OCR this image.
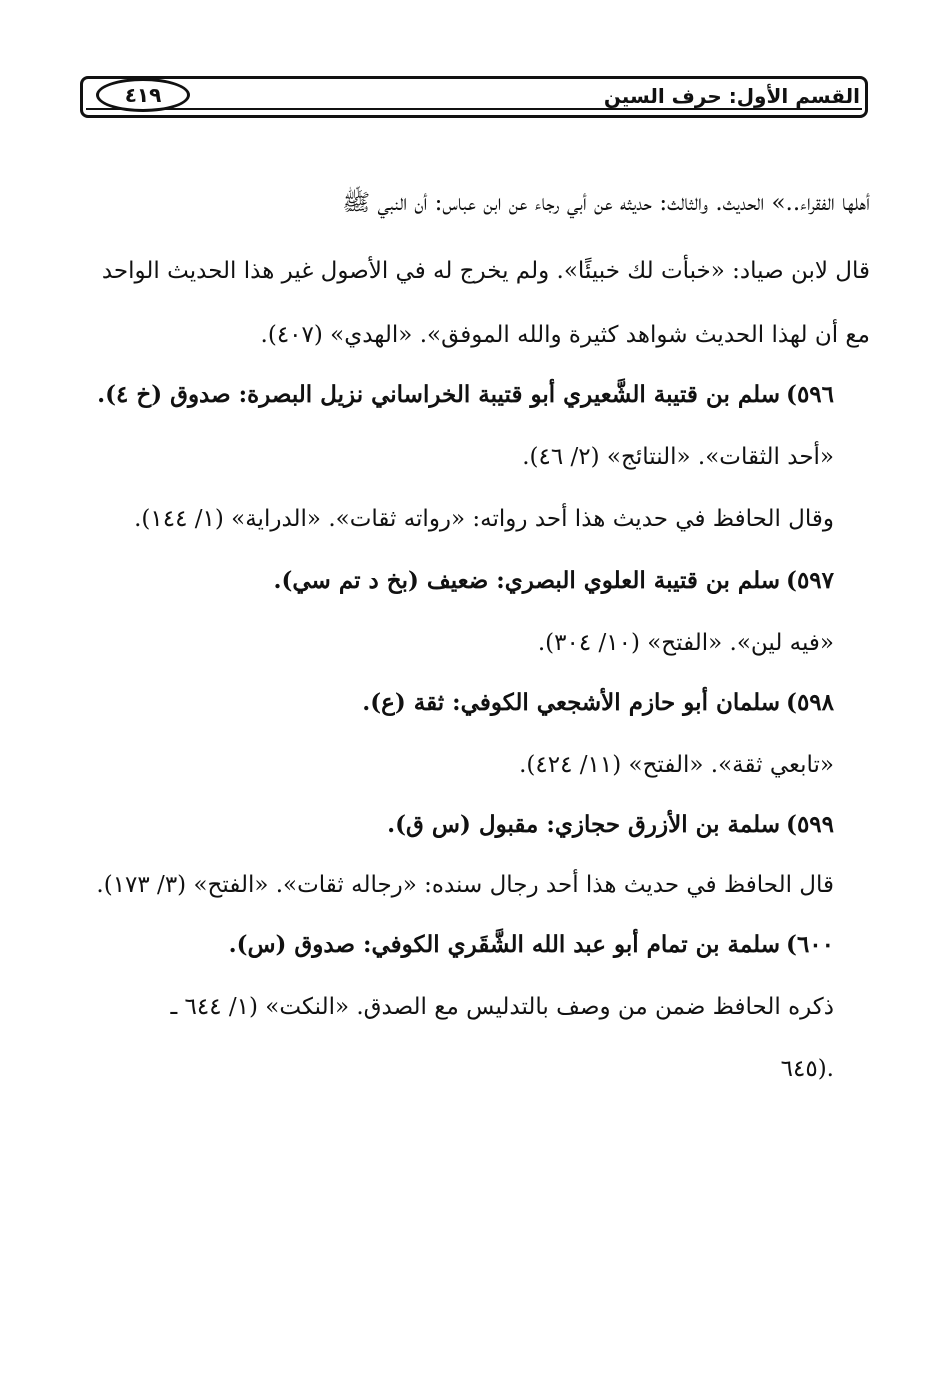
القسم الأول: حرف السين
٤١٩
أهلها الفقراء..» الحديث. والثالث: حديثه عن أبي رجاء عن ابن عباس: أن النبي ﷺ
قال لابن صياد: «خبأت لك خبيئًا». ولم يخرج له في الأصول غير هذا الحديث الواحد
مع أن لهذا الحديث شواهد كثيرة والله الموفق». «الهدي» (٤٠٧).
٥٩٦)سلم بن قتيبة الشَّعيري أبو قتيبة الخراساني نزيل البصرة: صدوق (خ ٤).
«أحد الثقات». «النتائج» (٢/ ٤٦).
وقال الحافظ في حديث هذا أحد رواته: «رواته ثقات». «الدراية» (١/ ١٤٤).
٥٩٧)سلم بن قتيبة العلوي البصري: ضعيف (بخ د تم سي).
«فيه لين». «الفتح» (١٠/ ٣٠٤).
٥٩٨)سلمان أبو حازم الأشجعي الكوفي: ثقة (ع).
«تابعي ثقة». «الفتح» (١١/ ٤٢٤).
٥٩٩)سلمة بن الأزرق حجازي: مقبول (س ق).
قال الحافظ في حديث هذا أحد رجال سنده: «رجاله ثقات». «الفتح» (٣/ ١٧٣).
٦٠٠)سلمة بن تمام أبو عبد الله الشَّقَري الكوفي: صدوق (س).
ذكره الحافظ ضمن من وصف بالتدليس مع الصدق. «النكت» (١/ ٦٤٤ ـ
٦٤٥).
